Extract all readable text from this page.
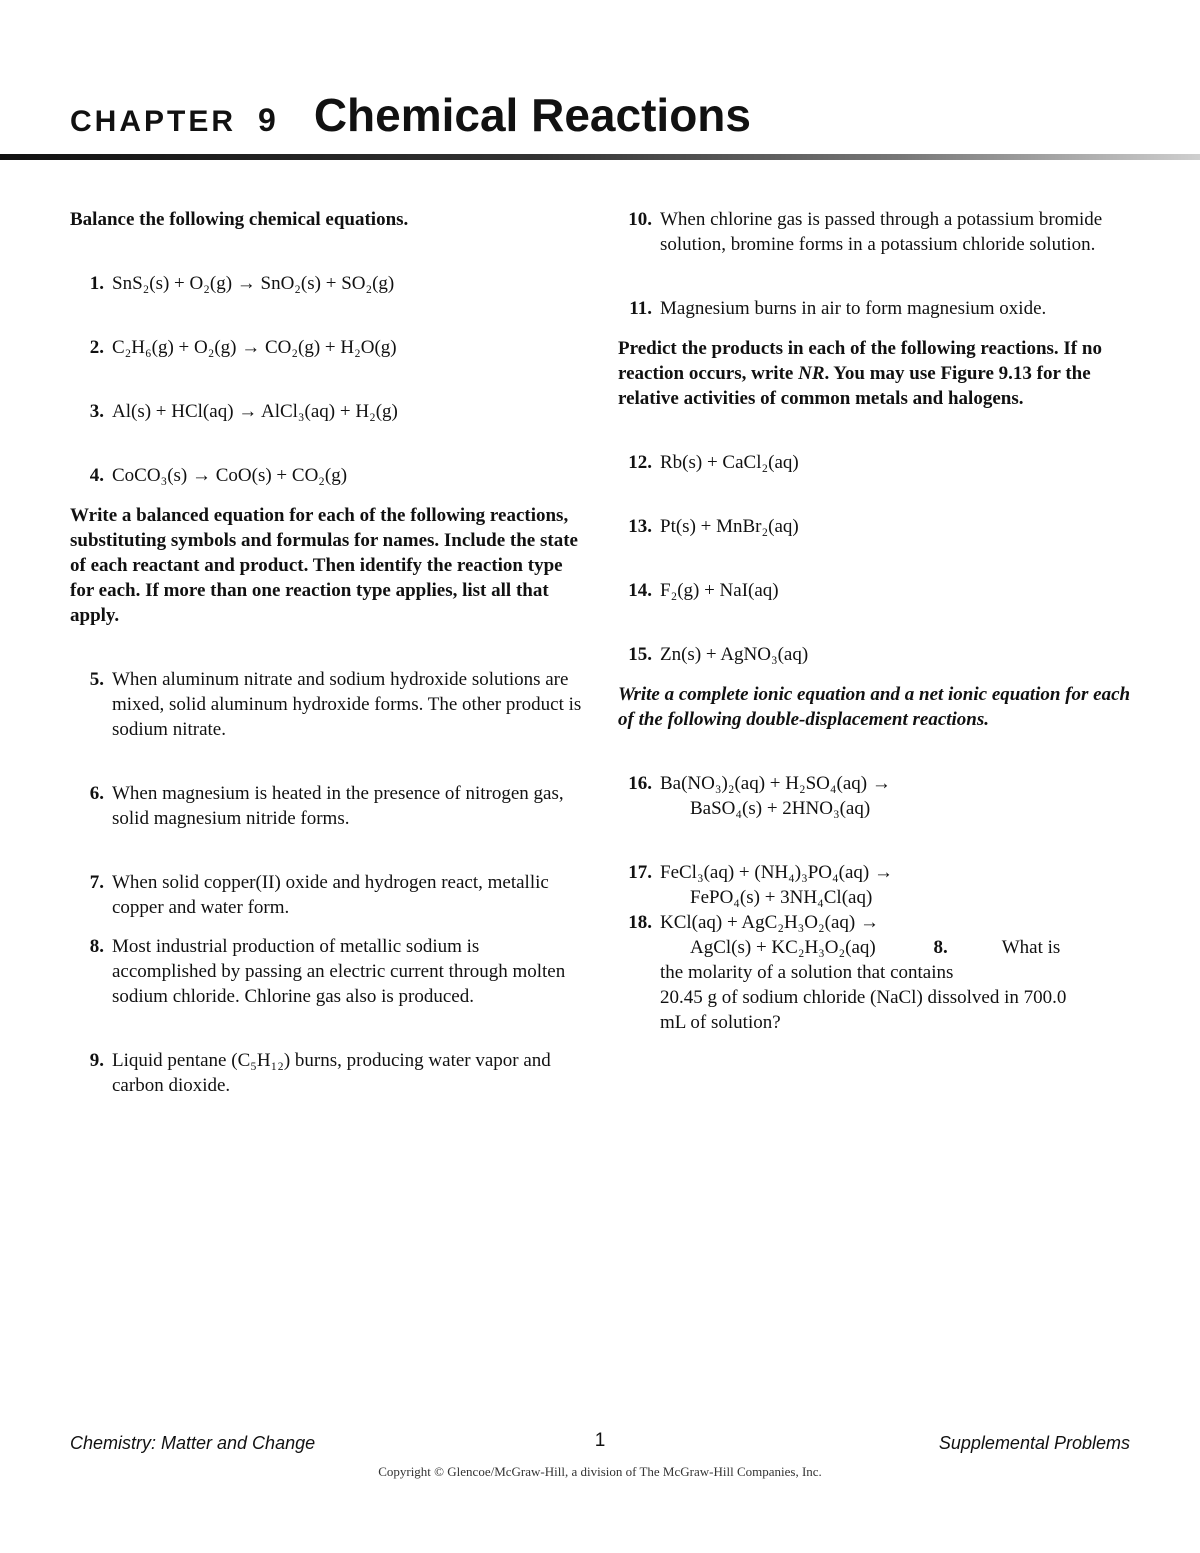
CHAPTER 9 Chemical Reactions
Balance the following chemical equations.
1. SnS₂(s) + O₂(g) → SnO₂(s) + SO₂(g)
2. C₂H₆(g) + O₂(g) → CO₂(g) + H₂O(g)
3. Al(s) + HCl(aq) → AlCl₃(aq) + H₂(g)
4. CoCO₃(s) → CoO(s) + CO₂(g)
Write a balanced equation for each of the following reactions, substituting symbols and formulas for names. Include the state of each reactant and product. Then identify the reaction type for each. If more than one reaction type applies, list all that apply.
5. When aluminum nitrate and sodium hydroxide solutions are mixed, solid aluminum hydroxide forms. The other product is sodium nitrate.
6. When magnesium is heated in the presence of nitrogen gas, solid magnesium nitride forms.
7. When solid copper(II) oxide and hydrogen react, metallic copper and water form.
8. Most industrial production of metallic sodium is accomplished by passing an electric current through molten sodium chloride. Chlorine gas also is produced.
9. Liquid pentane (C₅H₁₂) burns, producing water vapor and carbon dioxide.
10. When chlorine gas is passed through a potassium bromide solution, bromine forms in a potassium chloride solution.
11. Magnesium burns in air to form magnesium oxide.
Predict the products in each of the following reactions. If no reaction occurs, write NR. You may use Figure 9.13 for the relative activities of common metals and halogens.
12. Rb(s) + CaCl₂(aq)
13. Pt(s) + MnBr₂(aq)
14. F₂(g) + NaI(aq)
15. Zn(s) + AgNO₃(aq)
Write a complete ionic equation and a net ionic equation for each of the following double-displacement reactions.
16. Ba(NO₃)₂(aq) + H₂SO₄(aq) →
BaSO₄(s) + 2HNO₃(aq)
17. FeCl₃(aq) + (NH₄)₃PO₄(aq) →
FePO₄(s) + 3NH₄Cl(aq)
18. KCl(aq) + AgC₂H₃O₂(aq) →
AgCl(s) + KC₂H₃O₂(aq)	8.	What is
the molarity of a solution that contains
20.45 g of sodium chloride (NaCl) dissolved in 700.0
mL of solution?
Chemistry: Matter and Change	1	Supplemental Problems
Copyright © Glencoe/McGraw-Hill, a division of The McGraw-Hill Companies, Inc.
